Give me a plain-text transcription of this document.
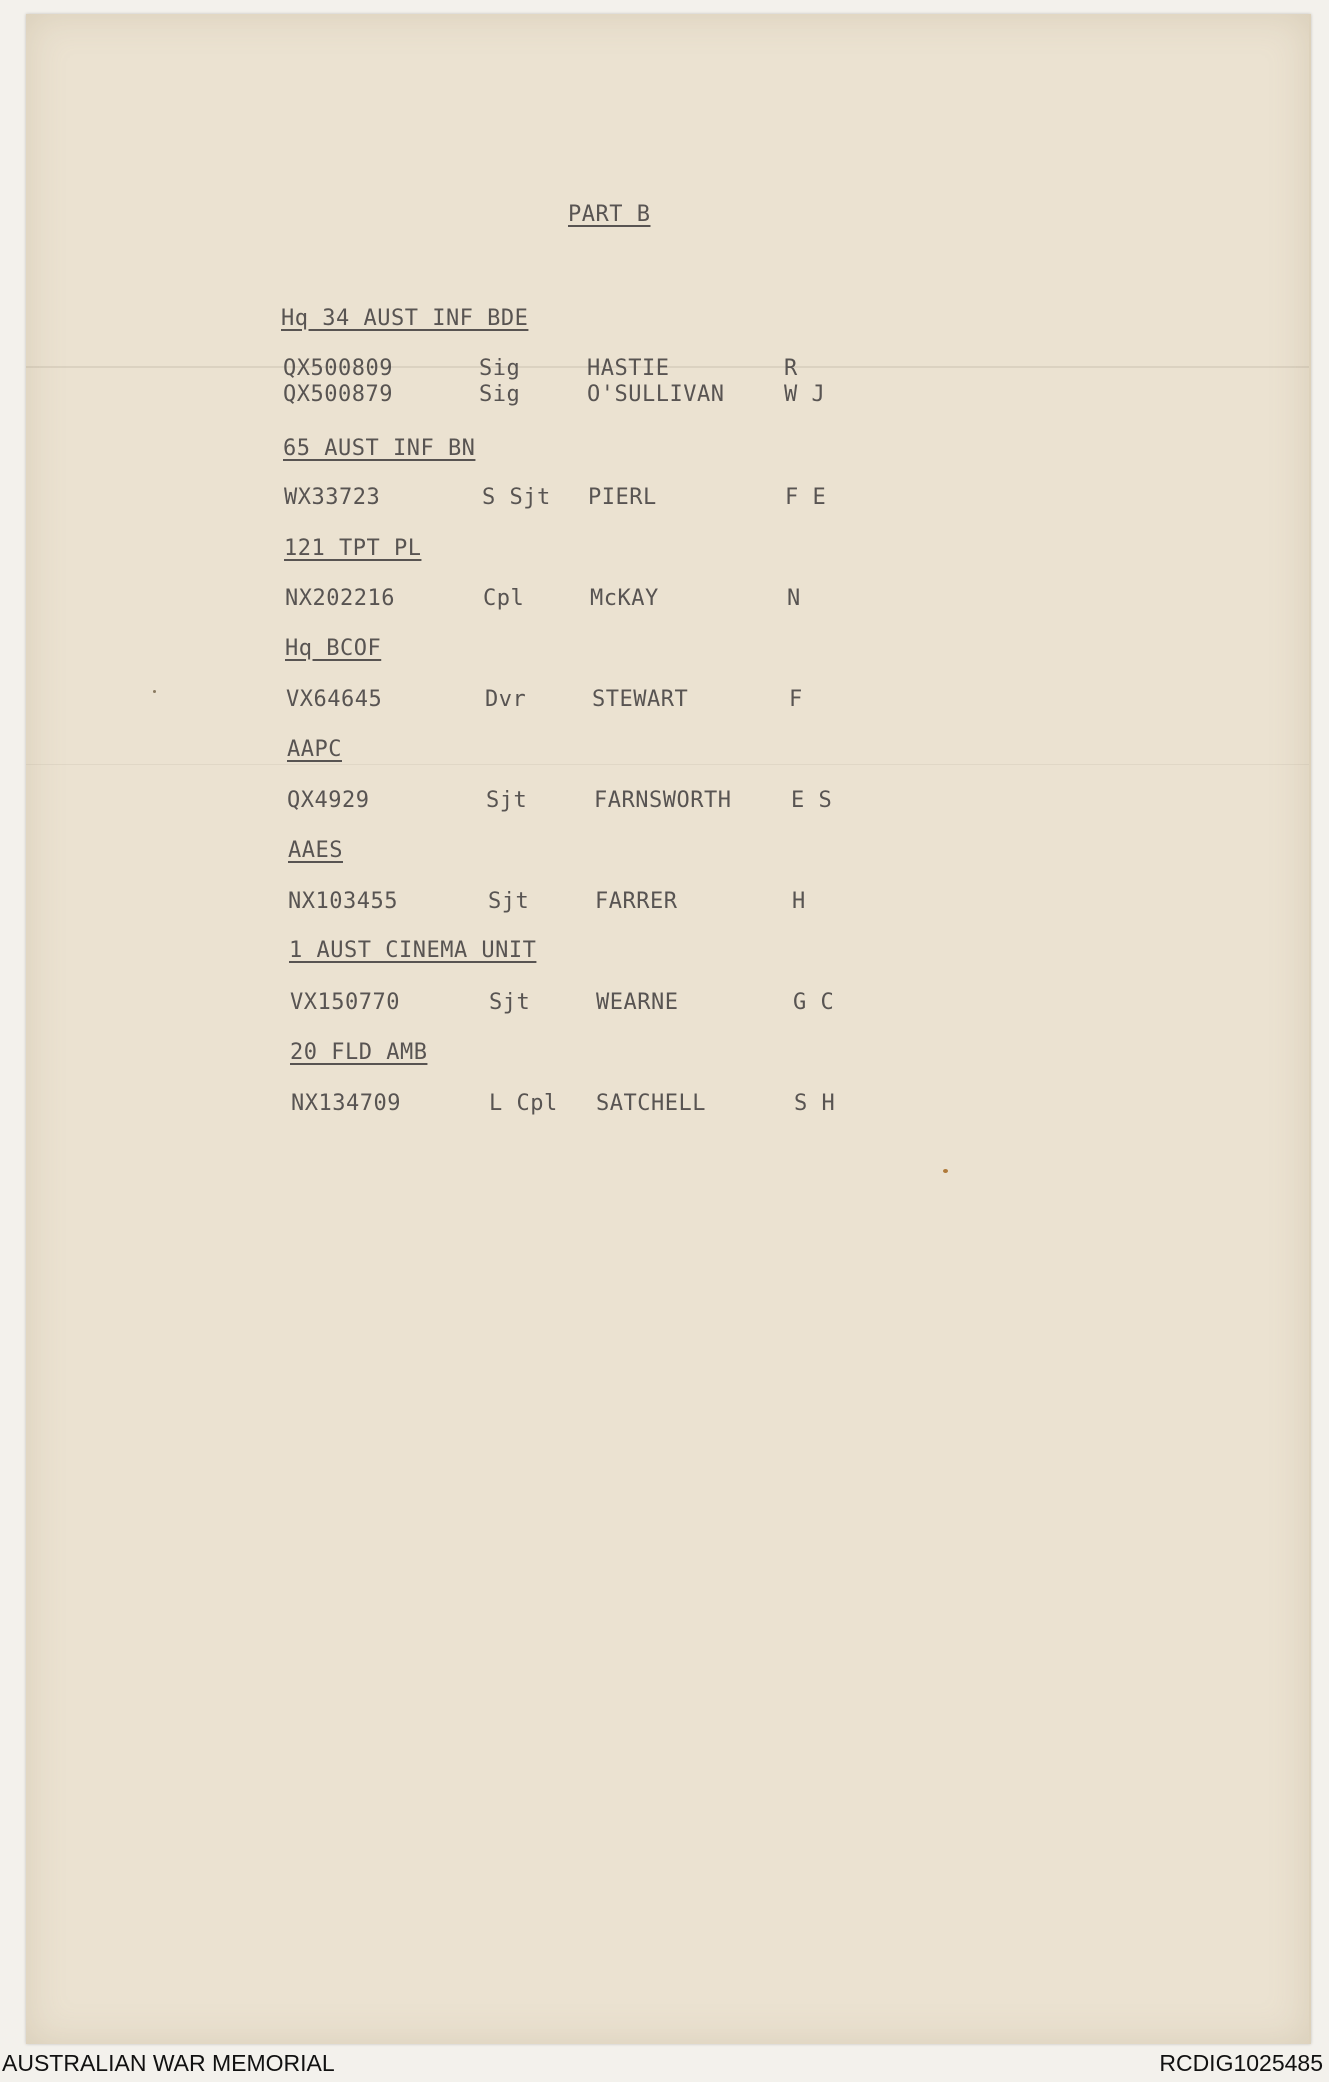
PART B
Hq 34 AUST INF BDE
QX500809	Sig	HASTIE	R
QX500879	Sig	O'SULLIVAN	W J
65 AUST INF BN
WX33723	S Sjt PIERL	F E
121 TPT PL
NX202216	Cpl	McKAY	N
Hq BCOF
VX64645	Dvr	STEWART	F
AAPC
QX4929	Sjt	FARNSWORTH	E S
AAES
NX103455	Sjt	FARRER	H
1 AUST CINEMA UNIT
VX150770	Sjt	WEARNE	G C
20 FLD AMB
NX134709	L Cpl SATCHELL	S H
AUSTRALIAN WAR MEMORIAL	RCDIG1025485
